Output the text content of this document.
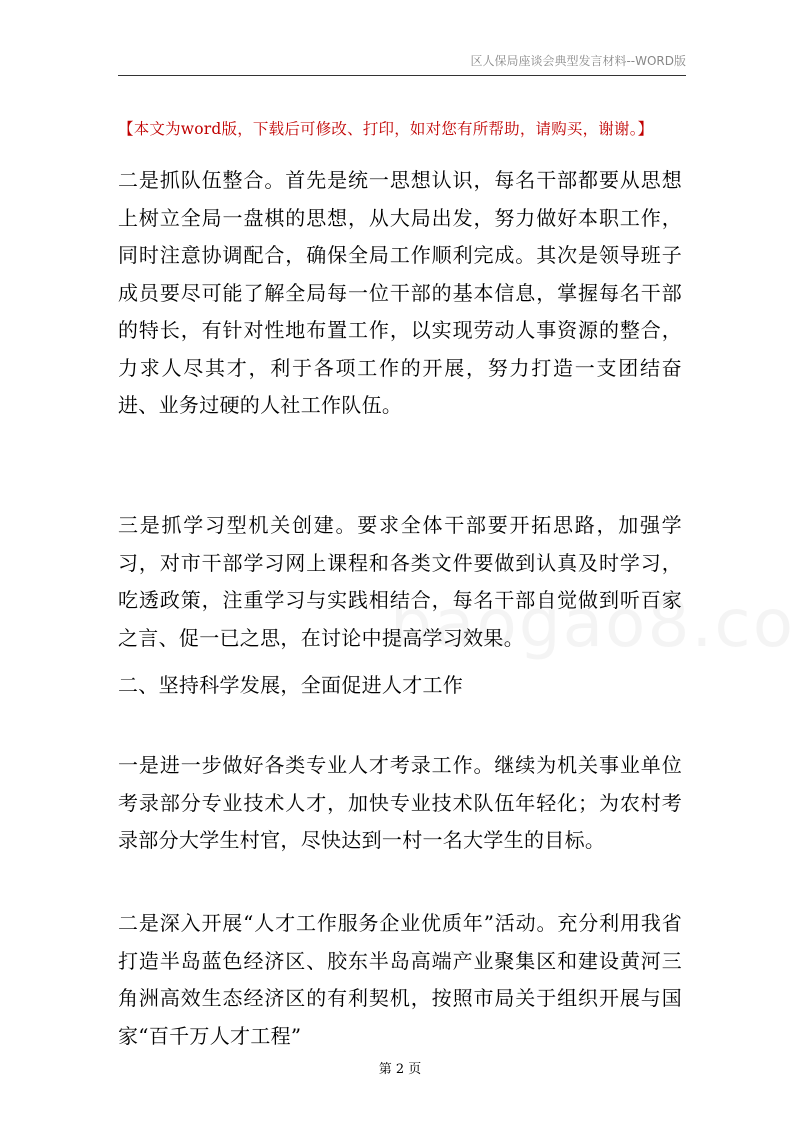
区人保局座谈会典型发言材料--WORD版
【本文为word版，下载后可修改、打印，如对您有所帮助，请购买，谢谢。】
二是抓队伍整合。首先是统一思想认识，每名干部都要从思想上树立全局一盘棋的思想，从大局出发，努力做好本职工作，同时注意协调配合，确保全局工作顺利完成。其次是领导班子成员要尽可能了解全局每一位干部的基本信息，掌握每名干部的特长，有针对性地布置工作，以实现劳动人事资源的整合，力求人尽其才，利于各项工作的开展，努力打造一支团结奋进、业务过硬的人社工作队伍。
三是抓学习型机关创建。要求全体干部要开拓思路，加强学习，对市干部学习网上课程和各类文件要做到认真及时学习，吃透政策，注重学习与实践相结合，每名干部自觉做到听百家之言、促一已之思，在讨论中提高学习效果。
二、坚持科学发展，全面促进人才工作
一是进一步做好各类专业人才考录工作。继续为机关事业单位考录部分专业技术人才，加快专业技术队伍年轻化；为农村考录部分大学生村官，尽快达到一村一名大学生的目标。
二是深入开展“人才工作服务企业优质年”活动。充分利用我省打造半岛蓝色经济区、胶东半岛高端产业聚集区和建设黄河三角洲高效生态经济区的有利契机，按照市局关于组织开展与国家“百千万人才工程”
第 2 页
